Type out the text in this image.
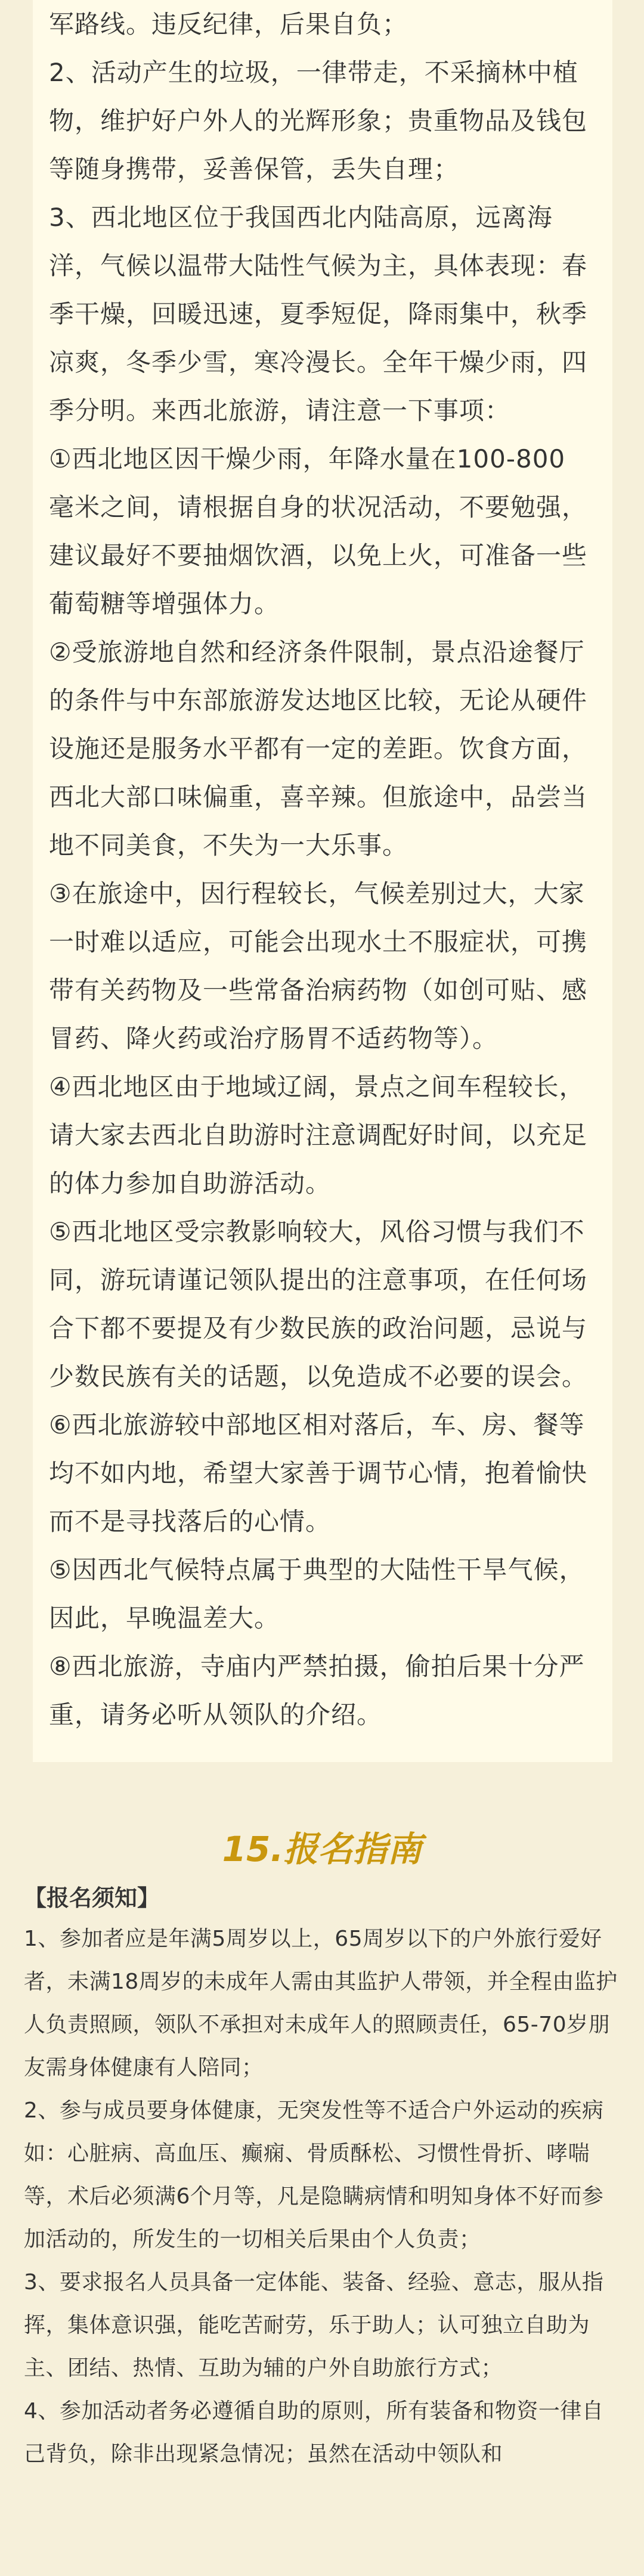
军路线。违反纪律，后果自负；

2、活动产生的垃圾，一律带走，不采摘林中植物，维护好户外人的光辉形象；贵重物品及钱包等随身携带，妥善保管，丢失自理；

3、西北地区位于我国西北内陆高原，远离海洋，气候以温带大陆性气候为主，具体表现：春季干燥，回暖迅速，夏季短促，降雨集中，秋季凉爽，冬季少雪，寒冷漫长。全年干燥少雨，四季分明。来西北旅游，请注意一下事项：

①西北地区因干燥少雨，年降水量在100-800毫米之间，请根据自身的状况活动，不要勉强，建议最好不要抽烟饮酒，以免上火，可准备一些葡萄糖等增强体力。

②受旅游地自然和经济条件限制，景点沿途餐厅的条件与中东部旅游发达地区比较，无论从硬件设施还是服务水平都有一定的差距。饮食方面，西北大部口味偏重，喜辛辣。但旅途中，品尝当地不同美食，不失为一大乐事。

③在旅途中，因行程较长，气候差别过大，大家一时难以适应，可能会出现水土不服症状，可携带有关药物及一些常备治病药物（如创可贴、感冒药、降火药或治疗肠胃不适药物等）。

④西北地区由于地域辽阔，景点之间车程较长，请大家去西北自助游时注意调配好时间，以充足的体力参加自助游活动。

⑤西北地区受宗教影响较大，风俗习惯与我们不同，游玩请谨记领队提出的注意事项，在任何场合下都不要提及有少数民族的政治问题，忌说与少数民族有关的话题，以免造成不必要的误会。

⑥西北旅游较中部地区相对落后，车、房、餐等均不如内地，希望大家善于调节心情，抱着愉快而不是寻找落后的心情。

⑤因西北气候特点属于典型的大陆性干旱气候，因此，早晚温差大。

⑧西北旅游，寺庙内严禁拍摄，偷拍后果十分严重，请务必听从领队的介绍。

15.报名指南

【报名须知】

1、参加者应是年满5周岁以上，65周岁以下的户外旅行爱好者，未满18周岁的未成年人需由其监护人带领，并全程由监护人负责照顾，领队不承担对未成年人的照顾责任，65-70岁朋友需身体健康有人陪同；

2、参与成员要身体健康，无突发性等不适合户外运动的疾病如：心脏病、高血压、癫痫、骨质酥松、习惯性骨折、哮喘等，术后必须满6个月等，凡是隐瞒病情和明知身体不好而参加活动的，所发生的一切相关后果由个人负责；

3、要求报名人员具备一定体能、装备、经验、意志，服从指挥，集体意识强，能吃苦耐劳，乐于助人；认可独立自助为主、团结、热情、互助为辅的户外自助旅行方式；

4、参加活动者务必遵循自助的原则，所有装备和物资一律自己背负，除非出现紧急情况；虽然在活动中领队和
